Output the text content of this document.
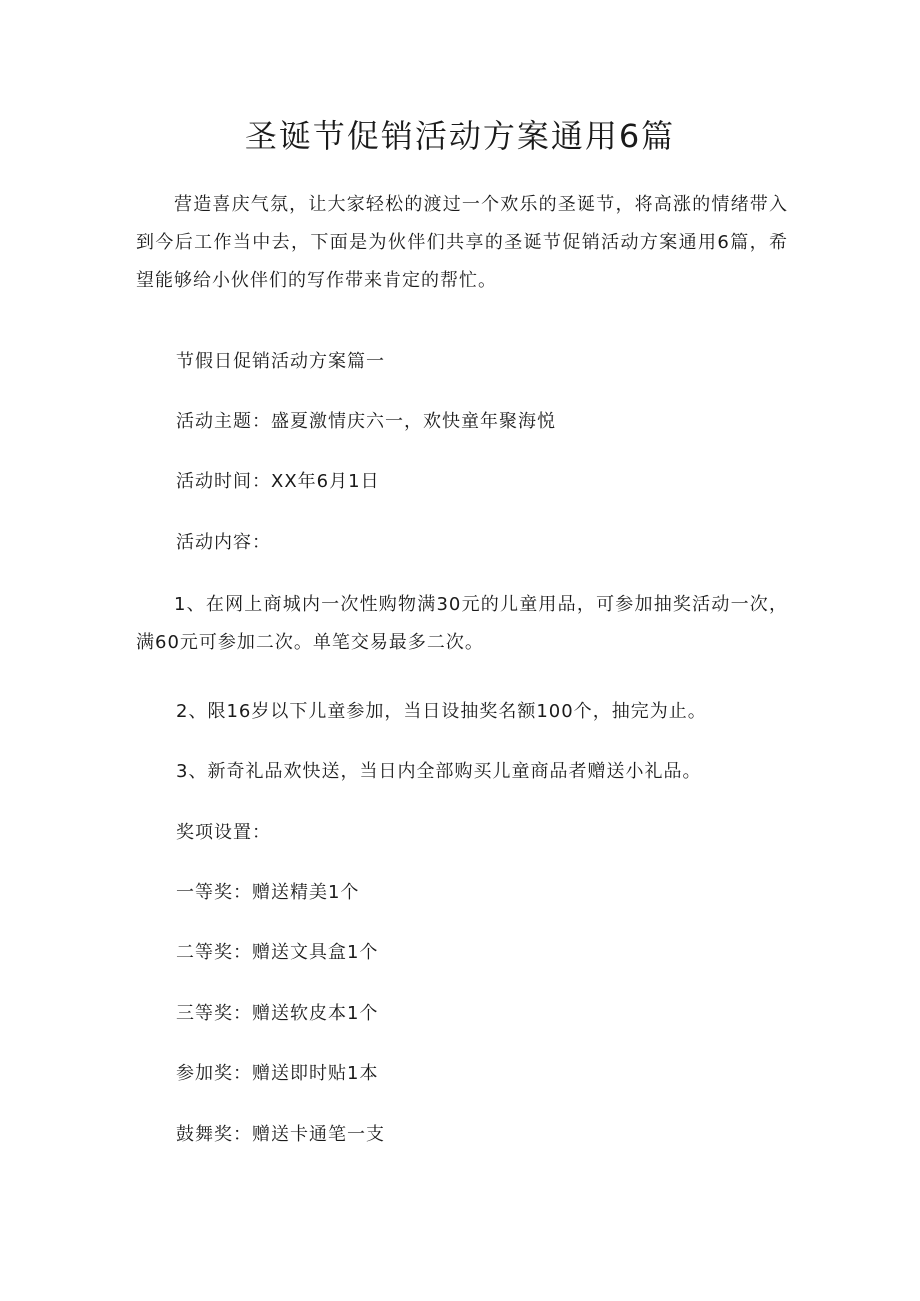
圣诞节促销活动方案通用6篇

营造喜庆气氛，让大家轻松的渡过一个欢乐的圣诞节，将高涨的情绪带入到今后工作当中去，下面是为伙伴们共享的圣诞节促销活动方案通用6篇，希望能够给小伙伴们的写作带来肯定的帮忙。

节假日促销活动方案篇一

活动主题：盛夏激情庆六一，欢快童年聚海悦

活动时间：XX年6月1日

活动内容：

1、在网上商城内一次性购物满30元的儿童用品，可参加抽奖活动一次，满60元可参加二次。单笔交易最多二次。

2、限16岁以下儿童参加，当日设抽奖名额100个，抽完为止。

3、新奇礼品欢快送，当日内全部购买儿童商品者赠送小礼品。

奖项设置：

一等奖：赠送精美1个

二等奖：赠送文具盒1个

三等奖：赠送软皮本1个

参加奖：赠送即时贴1本

鼓舞奖：赠送卡通笔一支
